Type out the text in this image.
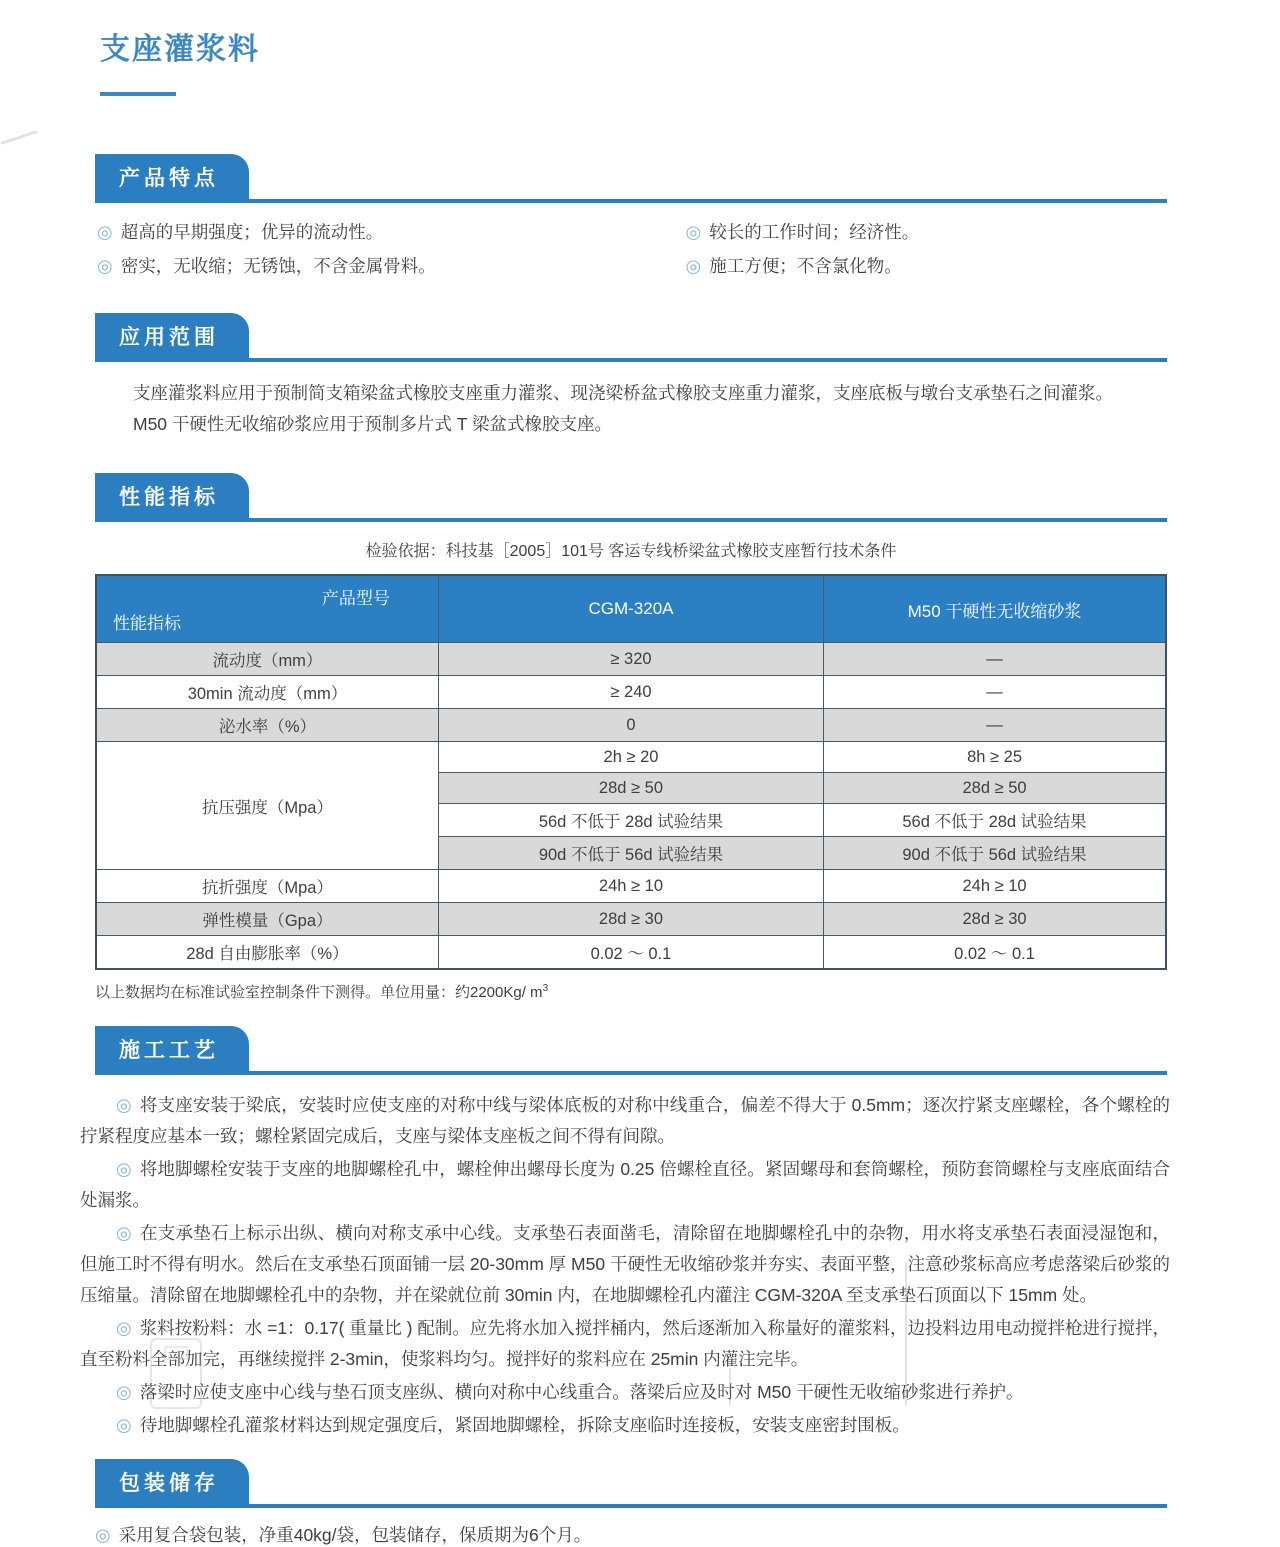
支座灌浆料
产品特点
◎ 超高的早期强度；优异的流动性。	◎ 较长的工作时间；经济性。
◎ 密实，无收缩；无锈蚀，不含金属骨料。	◎ 施工方便；不含氯化物。
应用范围

支座灌浆料应用于预制简支箱梁盆式橡胶支座重力灌浆、现浇梁桥盆式橡胶支座重力灌浆，支座底板与墩台支承垫石之间灌浆。

M50 干硬性无收缩砂浆应用于预制多片式 T 梁盆式橡胶支座。

性能指标
检验依据：科技基［2005］101号 客运专线桥梁盆式橡胶支座暂行技术条件
产品型号
性能指标	CGM-320A	M50 干硬性无收缩砂浆
流动度（mm）	≥ 320	—
30min 流动度（mm）	≥ 240	—
泌水率（%）	0	—
抗压强度（Mpa）	2h ≥ 20	8h ≥ 25
	28d ≥ 50	28d ≥ 50
	56d 不低于 28d 试验结果	56d 不低于 28d 试验结果
	90d 不低于 56d 试验结果	90d 不低于 56d 试验结果
抗折强度（Mpa）	24h ≥ 10	24h ≥ 10
弹性模量（Gpa）	28d ≥ 30	28d ≥ 30
28d 自由膨胀率（%）	0.02 ～ 0.1	0.02 ～ 0.1
以上数据均在标准试验室控制条件下测得。单位用量：约2200Kg/ $m^3$
施工工艺

◎ 将支座安装于梁底，安装时应使支座的对称中线与梁体底板的对称中线重合，偏差不得大于 0.5mm；逐次拧紧支座螺栓，各个螺栓的拧紧程度应基本一致；螺栓紧固完成后，支座与梁体支座板之间不得有间隙。

◎ 将地脚螺栓安装于支座的地脚螺栓孔中，螺栓伸出螺母长度为 0.25 倍螺栓直径。紧固螺母和套筒螺栓，预防套筒螺栓与支座底面结合处漏浆。

◎ 在支承垫石上标示出纵、横向对称支承中心线。支承垫石表面凿毛，清除留在地脚螺栓孔中的杂物，用水将支承垫石表面浸湿饱和，但施工时不得有明水。然后在支承垫石顶面铺一层 20-30mm 厚 M50 干硬性无收缩砂浆并夯实、表面平整，注意砂浆标高应考虑落梁后砂浆的压缩量。清除留在地脚螺栓孔中的杂物，并在梁就位前 30min 内，在地脚螺栓孔内灌注 CGM-320A 至支承垫石顶面以下 15mm 处。

◎ 浆料按粉料：水 =1：0.17( 重量比 ) 配制。应先将水加入搅拌桶内，然后逐渐加入称量好的灌浆料，边投料边用电动搅拌枪进行搅拌，直至粉料全部加完，再继续搅拌 2-3min，使浆料均匀。搅拌好的浆料应在 25min 内灌注完毕。

◎ 落梁时应使支座中心线与垫石顶支座纵、横向对称中心线重合。落梁后应及时对 M50 干硬性无收缩砂浆进行养护。

◎ 待地脚螺栓孔灌浆材料达到规定强度后，紧固地脚螺栓，拆除支座临时连接板，安装支座密封围板。

包装储存
◎ 采用复合袋包装，净重40kg/袋，包装储存，保质期为6个月。
